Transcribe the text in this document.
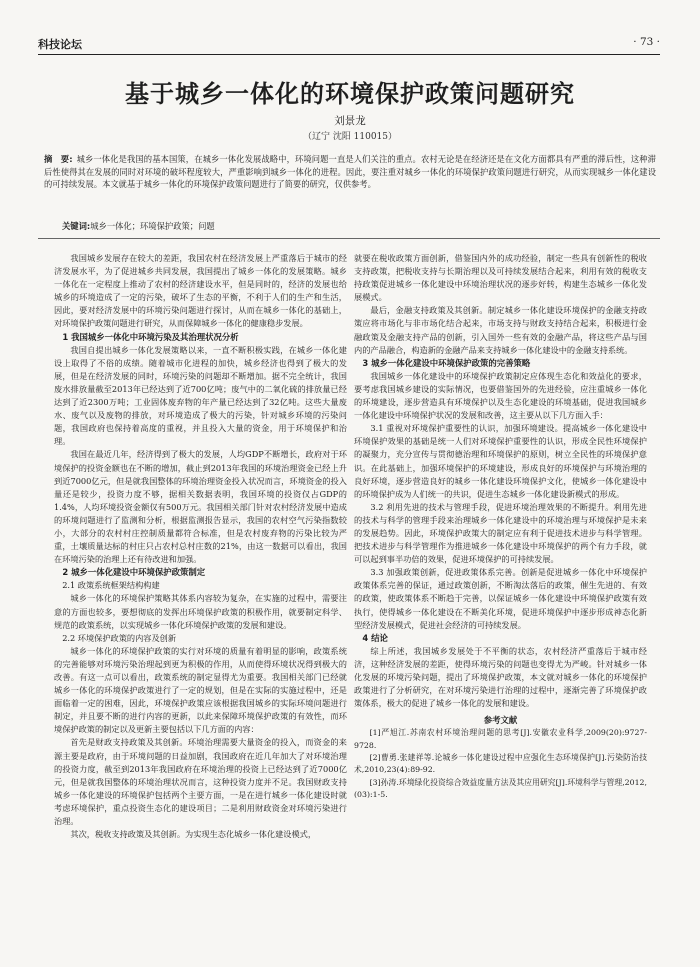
科技论坛	· 73 ·
基于城乡一体化的环境保护政策问题研究
刘景龙
（辽宁 沈阳 110015）
摘　要: 城乡一体化是我国的基本国策，在城乡一体化发展战略中，环境问题一直是人们关注的重点。农村无论是在经济还是在文化方面都具有严重的滞后性，这种滞后性使得其在发展的同时对环境的破坏程度较大，严重影响到城乡一体化的进程。因此，要注重对城乡一体化的环境保护政策问题进行研究，从而实现城乡一体化建设的可持续发展。本文就基于城乡一体化的环境保护政策问题进行了简要的研究，仅供参考。
关键词:城乡一体化；环境保护政策；问题

我国城乡发展存在较大的差距，我国农村在经济发展上严重落后于城市的经济发展水平，为了促进城乡共同发展，我国提出了城乡一体化的发展策略。城乡一体化在一定程度上推动了农村的经济建设水平，但是同时的，经济的发展也给城乡的环境造成了一定的污染，破坏了生态的平衡，不利于人们的生产和生活，因此，要对经济发展中的环境污染问题进行探讨，从而在城乡一体化的基础上，对环境保护政策问题进行研究，从而保障城乡一体化的健康稳步发展。

1 我国城乡一体化中环境污染及其治理状况分析

我国自提出城乡一体化发展策略以来，一直不断积极实践，在城乡一体化建设上取得了不俗的成绩。随着城市化进程的加快，城乡经济也得到了极大的发展，但是在经济发展的同时，环境污染的问题却不断增加。据不完全统计，我国废水排放量截至2013年已经达到了近700亿吨；废气中的二氧化硫的排放量已经达到了近2300万吨；工业固体废弃物的年产量已经达到了32亿吨。这些大量废水、废气以及废物的排放，对环境造成了极大的污染，针对城乡环境的污染问题，我国政府也保持着高度的重视，并且投入大量的资金，用于环境保护和治理。

我国在最近几年，经济得到了极大的发展，人均GDP不断增长，政府对于环境保护的投资金额也在不断的增加，截止到2013年我国的环境治理资金已经上升到近7000亿元，但是就我国整体的环境治理资金投入状况而言，环境资金的投入量还是较少，投资力度不够，据相关数据表明，我国环境的投资仅占GDP的1.4%，人均环境投资金额仅有500万元。我国相关部门针对农村经济发展中造成的环境问题进行了监测和分析，根据监测报告显示，我国的农村空气污染指数较小，大部分的农村村庄控制质量都符合标准，但是农村废弃物的污染比较为严重，土壤质量达标的村庄只占农村总村庄数的21%，由这一数据可以看出，我国在环境污染的治理上还有待改进和加强。

2 城乡一体化建设中环境保护政策制定
2.1 政策系统框架结构构建

城乡一体化的环境保护策略其体系内容较为复杂，在实施的过程中，需要注意的方面也较多，要想彻底的发挥出环境保护政策的积极作用，就要制定科学、规范的政策系统，以实现城乡一体化环境保护政策的发展和建设。

2.2 环境保护政策的内容及创新

城乡一体化的环境保护政策的实行对环境的质量有着明显的影响，政策系统的完善能够对环境污染治理起到更为积极的作用，从而使得环境状况得到极大的改善。有这一点可以看出，政策系统的制定显得尤为重要。我国相关部门已经就城乡一体化的环境保护政策进行了一定的规划，但是在实际的实施过程中，还是面临着一定的困难，因此，环境保护政策应该根据我国城乡的实际环境问题进行制定，并且要不断的进行内容的更新，以此来保障环境保护政策的有效性，而环境保护政策的制定以及更新主要包括以下几方面的内容：

首先是财政支持政策及其创新。环境治理需要大量资金的投入，而资金的来源主要是政府，由于环境问题的日益加剧，我国政府在近几年加大了对环境治理的投资力度，截至到2013年我国政府在环境治理的投资上已经达到了近7000亿元，但是就我国整体的环境治理状况而言，这种投资力度并不足。我国财政支持城乡一体化建设的环境保护包括两个主要方面，一是在进行城乡一体化建设时就考虑环境保护，重点投资生态化的建设项目；二是利用财政资金对环境污染进行治理。

其次，税收支持政策及其创新。为实现生态化城乡一体化建设模式，

就要在税收政策方面创新，借鉴国内外的成功经验，制定一些具有创新性的税收支持政策，把税收支持与长期治理以及可持续发展结合起来，利用有效的税收支持政策促进城乡一体化建设中环境治理状况的逐步好转，构建生态城乡一体化发展模式。

最后，金融支持政策及其创新。制定城乡一体化建设环境保护的金融支持政策应将市场化与非市场化结合起来，市场支持与财政支持结合起来，积极进行金融政策及金融支持产品的创新，引入国外一些有效的金融产品，将这些产品与国内的产品融合，构造新的金融产品来支持城乡一体化建设中的金融支持系统。

3 城乡一体化建设中环境保护政策的完善策略

我国城乡一体化建设中的环境保护政策制定应体现生态化和效益化的要求，要考虑我国城乡建设的实际情况，也要借鉴国外的先进经验，应注重城乡一体化的环境建设，逐步营造具有环境保护以及生态化建设的环境基础，促进我国城乡一体化建设中环境保护状况的发展和改善，这主要从以下几方面入手：

3.1 重视对环境保护重要性的认识，加强环境建设。提高城乡一体化建设中环境保护效果的基础是统一人们对环境保护重要性的认识，形成全民性环境保护的凝聚力，充分宣传与贯彻德治理和环境保护的原则，树立全民性的环境保护意识。在此基础上，加强环境保护的环境建设，形成良好的环境保护与环境治理的良好环境，逐步营造良好的城乡一体化建设环境保护文化，使城乡一体化建设中的环境保护成为人们统一的共识，促进生态城乡一体化建设新模式的形成。

3.2 利用先进的技术与管理手段，促进环境治理效果的不断提升。利用先进的技术与科学的管理手段来治理城乡一体化建设中的环境治理与环境保护是未来的发展趋势。因此，环境保护政策大的制定应有利于促进技术进步与科学管理。把技术进步与科学管理作为推进城乡一体化建设中环境保护的两个有力手段，就可以起到事半功倍的效果，促进环境保护的可持续发展。

3.3 加强政策创新，促进政策体系完善。创新是促进城乡一体化中环境保护政策体系完善的保证，通过政策创新，不断淘汰落后的政策，催生先进的、有效的政策，使政策体系不断趋于完善，以保证城乡一体化建设中环境保护政策有效执行，使得城乡一体化建设在不断美化环境，促进环境保护中逐步形成神态化新型经济发展模式，促进社会经济的可持续发展。

4 结论

综上所述，我国城乡发展处于不平衡的状态，农村经济严重落后于城市经济，这种经济发展的差距，使得环境污染的问题也变得尤为严峻。针对城乡一体化发展的环境污染问题，提出了环境保护政策，本文就对城乡一体化的环境保护政策进行了分析研究，在对环境污染进行治理的过程中，逐渐完善了环境保护政策体系，极大的促进了城乡一体化的发展和建设。

参考文献

[1]严旭江.苏南农村环境治理问题的思考[J].安徽农业科学,2009(20):9727-9728.

[2]曹勇.张建祥等.论城乡一体化建设过程中应强化生态环境保护[J].污染防治技术,2010,23(4):89-92.

[3]孙涛.环境绿化投资综合效益度量方法及其应用研究[J].环境科学与管理,2012,(03):1-5.
